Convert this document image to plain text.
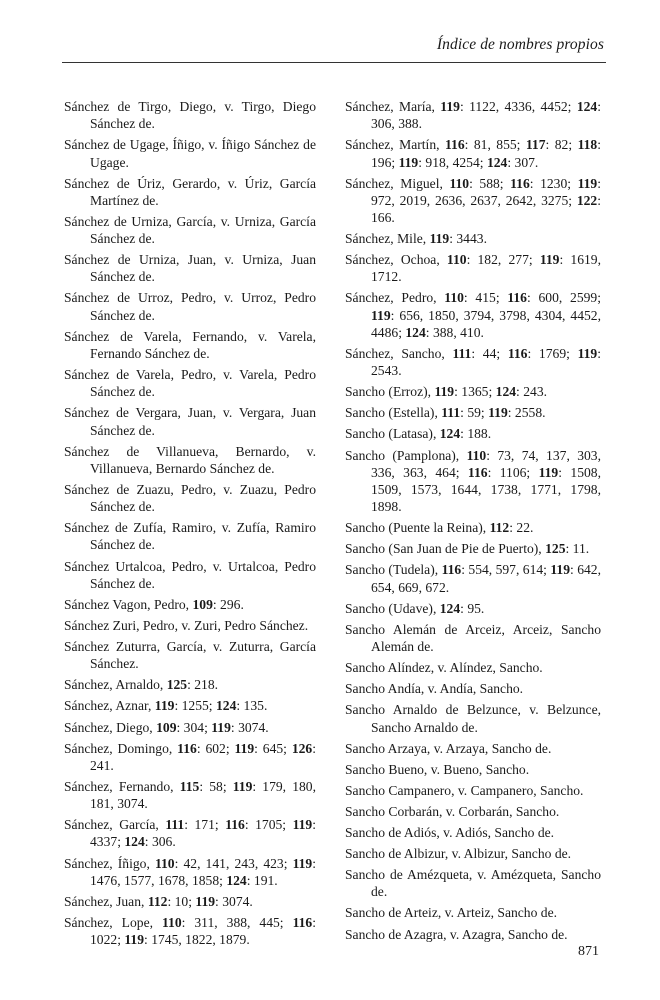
Índice de nombres propios
Sánchez de Tirgo, Diego, v. Tirgo, Diego Sánchez de.
Sánchez de Ugage, Íñigo, v. Íñigo Sánchez de Ugage.
Sánchez de Úriz, Gerardo, v. Úriz, García Martínez de.
Sánchez de Urniza, García, v. Urniza, García Sánchez de.
Sánchez de Urniza, Juan, v. Urniza, Juan Sánchez de.
Sánchez de Urroz, Pedro, v. Urroz, Pedro Sánchez de.
Sánchez de Varela, Fernando, v. Varela, Fernando Sánchez de.
Sánchez de Varela, Pedro, v. Varela, Pedro Sánchez de.
Sánchez de Vergara, Juan, v. Vergara, Juan Sánchez de.
Sánchez de Villanueva, Bernardo, v. Villanueva, Bernardo Sánchez de.
Sánchez de Zuazu, Pedro, v. Zuazu, Pedro Sánchez de.
Sánchez de Zufía, Ramiro, v. Zufía, Ramiro Sánchez de.
Sánchez Urtalcoa, Pedro, v. Urtalcoa, Pedro Sánchez de.
Sánchez Vagon, Pedro, 109: 296.
Sánchez Zuri, Pedro, v. Zuri, Pedro Sánchez.
Sánchez Zuturra, García, v. Zuturra, García Sánchez.
Sánchez, Arnaldo, 125: 218.
Sánchez, Aznar, 119: 1255; 124: 135.
Sánchez, Diego, 109: 304; 119: 3074.
Sánchez, Domingo, 116: 602; 119: 645; 126: 241.
Sánchez, Fernando, 115: 58; 119: 179, 180, 181, 3074.
Sánchez, García, 111: 171; 116: 1705; 119: 4337; 124: 306.
Sánchez, Íñigo, 110: 42, 141, 243, 423; 119: 1476, 1577, 1678, 1858; 124: 191.
Sánchez, Juan, 112: 10; 119: 3074.
Sánchez, Lope, 110: 311, 388, 445; 116: 1022; 119: 1745, 1822, 1879.
Sánchez, María, 119: 1122, 4336, 4452; 124: 306, 388.
Sánchez, Martín, 116: 81, 855; 117: 82; 118: 196; 119: 918, 4254; 124: 307.
Sánchez, Miguel, 110: 588; 116: 1230; 119: 972, 2019, 2636, 2637, 2642, 3275; 122: 166.
Sánchez, Mile, 119: 3443.
Sánchez, Ochoa, 110: 182, 277; 119: 1619, 1712.
Sánchez, Pedro, 110: 415; 116: 600, 2599; 119: 656, 1850, 3794, 3798, 4304, 4452, 4486; 124: 388, 410.
Sánchez, Sancho, 111: 44; 116: 1769; 119: 2543.
Sancho (Erroz), 119: 1365; 124: 243.
Sancho (Estella), 111: 59; 119: 2558.
Sancho (Latasa), 124: 188.
Sancho (Pamplona), 110: 73, 74, 137, 303, 336, 363, 464; 116: 1106; 119: 1508, 1509, 1573, 1644, 1738, 1771, 1798, 1898.
Sancho (Puente la Reina), 112: 22.
Sancho (San Juan de Pie de Puerto), 125: 11.
Sancho (Tudela), 116: 554, 597, 614; 119: 642, 654, 669, 672.
Sancho (Udave), 124: 95.
Sancho Alemán de Arceiz, Arceiz, Sancho Alemán de.
Sancho Alíndez, v. Alíndez, Sancho.
Sancho Andía, v. Andía, Sancho.
Sancho Arnaldo de Belzunce, v. Belzunce, Sancho Arnaldo de.
Sancho Arzaya, v. Arzaya, Sancho de.
Sancho Bueno, v. Bueno, Sancho.
Sancho Campanero, v. Campanero, Sancho.
Sancho Corbarán, v. Corbarán, Sancho.
Sancho de Adiós, v. Adiós, Sancho de.
Sancho de Albizur, v. Albizur, Sancho de.
Sancho de Amézqueta, v. Amézqueta, Sancho de.
Sancho de Arteiz, v. Arteiz, Sancho de.
Sancho de Azagra, v. Azagra, Sancho de.
871
